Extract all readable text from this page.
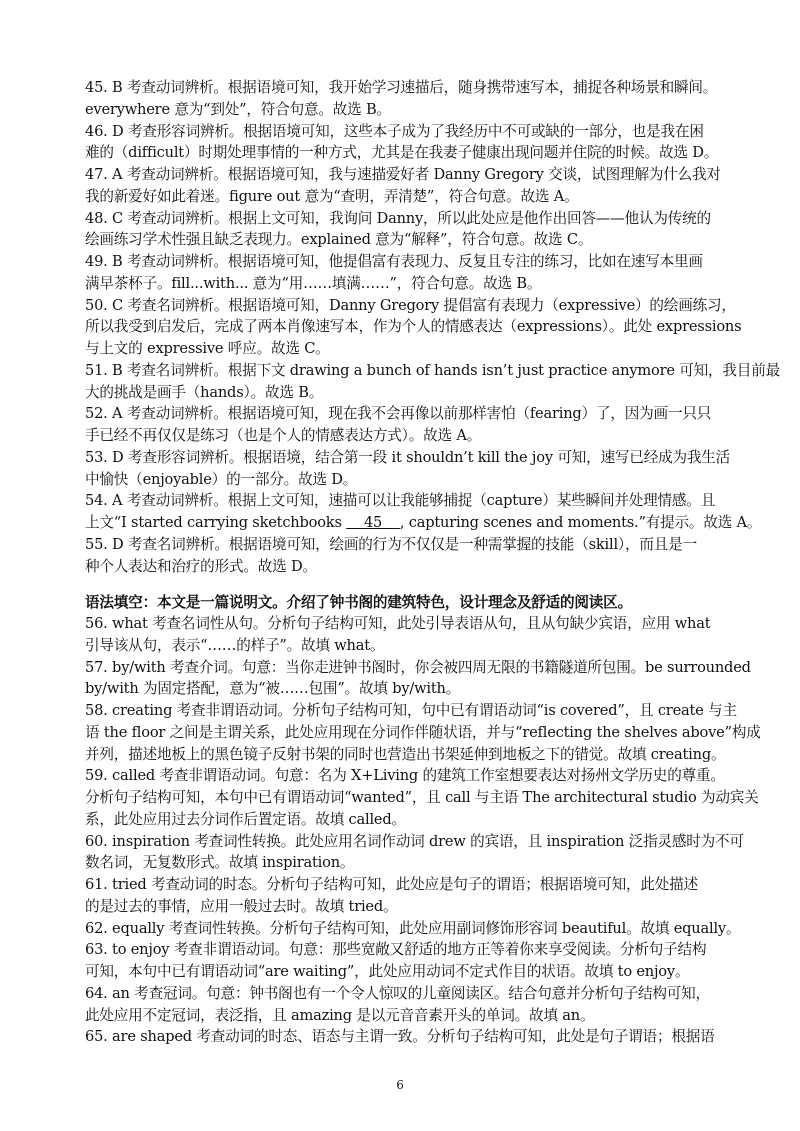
45. B 考查动词辨析。根据语境可知，我开始学习速描后，随身携带速写本，捕捉各种场景和瞬间。
everywhere 意为“到处”，符合句意。故选 B。
46. D 考查形容词辨析。根据语境可知，这些本子成为了我经历中不可或缺的一部分，也是我在困
难的（difficult）时期处理事情的一种方式，尤其是在我妻子健康出现问题并住院的时候。故选 D。
47. A 考查动词辨析。根据语境可知，我与速描爱好者 Danny Gregory 交谈，试图理解为什么我对
我的新爱好如此着迷。figure out 意为“查明，弄清楚”，符合句意。故选 A。
48. C 考查动词辨析。根据上文可知，我询问 Danny，所以此处应是他作出回答——他认为传统的
绘画练习学术性强且缺乏表现力。explained 意为“解释”，符合句意。故选 C。
49. B 考查动词辨析。根据语境可知，他提倡富有表现力、反复且专注的练习，比如在速写本里画
满早茶杯子。fill...with... 意为“用……填满……”，符合句意。故选 B。
50. C 考查名词辨析。根据语境可知，Danny Gregory 提倡富有表现力（expressive）的绘画练习，
所以我受到启发后，完成了两本肖像速写本，作为个人的情感表达（expressions）。此处 expressions
与上文的 expressive 呼应。故选 C。
51. B 考查名词辨析。根据下文 drawing a bunch of hands isn’t just practice anymore 可知，我目前最
大的挑战是画手（hands）。故选 B。
52. A 考查动词辨析。根据语境可知，现在我不会再像以前那样害怕（fearing）了，因为画一只只
手已经不再仅仅是练习（也是个人的情感表达方式）。故选 A。
53. D 考查形容词辨析。根据语境，结合第一段 it shouldn’t kill the joy 可知，速写已经成为我生活
中愉快（enjoyable）的一部分。故选 D。
54. A 考查动词辨析。根据上文可知，速描可以让我能够捕捉（capture）某些瞬间并处理情感。且
上文“I started carrying sketchbooks     45    , capturing scenes and moments.”有提示。故选 A。
55. D 考查名词辨析。根据语境可知，绘画的行为不仅仅是一种需掌握的技能（skill），而且是一
种个人表达和治疗的形式。故选 D。
语法填空：本文是一篇说明文。介绍了钟书阁的建筑特色，设计理念及舒适的阅读区。
56. what 考查名词性从句。分析句子结构可知，此处引导表语从句，且从句缺少宾语，应用 what
引导该从句，表示“……的样子”。故填 what。
57. by/with 考查介词。句意：当你走进钟书阁时，你会被四周无限的书籍隧道所包围。be surrounded
by/with 为固定搭配，意为“被……包围”。故填 by/with。
58. creating 考查非谓语动词。分析句子结构可知，句中已有谓语动词“is covered”，且 create 与主
语 the floor 之间是主谓关系，此处应用现在分词作伴随状语，并与“reflecting the shelves above”构成
并列，描述地板上的黑色镜子反射书架的同时也营造出书架延伸到地板之下的错觉。故填 creating。
59. called 考查非谓语动词。句意：名为 X+Living 的建筑工作室想要表达对扬州文学历史的尊重。
分析句子结构可知，本句中已有谓语动词“wanted”，且 call 与主语 The architectural studio 为动宾关
系，此处应用过去分词作后置定语。故填 called。
60. inspiration 考查词性转换。此处应用名词作动词 drew 的宾语，且 inspiration 泛指灵感时为不可
数名词，无复数形式。故填 inspiration。
61. tried 考查动词的时态。分析句子结构可知，此处应是句子的谓语；根据语境可知，此处描述
的是过去的事情，应用一般过去时。故填 tried。
62. equally 考查词性转换。分析句子结构可知，此处应用副词修饰形容词 beautiful。故填 equally。
63. to enjoy 考查非谓语动词。句意：那些宽敞又舒适的地方正等着你来享受阅读。分析句子结构
可知，本句中已有谓语动词“are waiting”，此处应用动词不定式作目的状语。故填 to enjoy。
64. an 考查冠词。句意：钟书阁也有一个令人惊叹的儿童阅读区。结合句意并分析句子结构可知，
此处应用不定冠词，表泛指，且 amazing 是以元音音素开头的单词。故填 an。
65. are shaped 考查动词的时态、语态与主谓一致。分析句子结构可知，此处是句子谓语；根据语
6
